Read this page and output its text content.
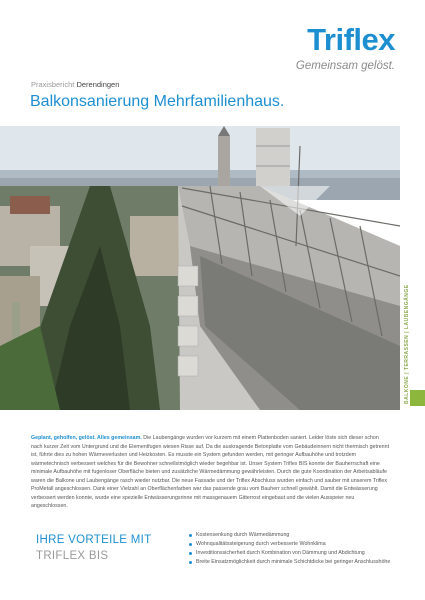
Triflex
Gemeinsam gelöst.
Praxisbericht Derendingen
Balkonsanierung Mehrfamilienhaus.
BALKONE | TERRASSEN | LAUBENGÄNGE
Geplant, geholfen, gelöst. Alles gemeinsam. Die Laubengänge wurden vor kurzem mit einem Plattenboden saniert. Leider löste sich dieser schon nach kurzer Zeit vom Untergrund und die Elementfugen wiesen Risse auf. Da die auskragende Betonplatte vom Gebäudeinnern nicht thermisch getrennt ist, führte dies zu hohen Wärmeverlusten und Heizkosten. Es musste ein System gefunden werden, mit geringer Aufbauhöhe und trotzdem wärmetechnisch verbessert welches für die Bewohner schnellstmöglich wieder begehbar ist. Unser System Triflex BIS konnte der Bauherrschaft eine minimale Aufbauhöhe mit fugenloser Oberfläche bieten und zusätzliche Wärmedämmung gewährleisten. Durch die gute Koordination der Arbeitsabläufe waren die Balkone und Laubengänge rasch wieder nutzbar. Die neue Fassade und der Triflex Abschluss wurden einfach und sauber mit unserem Triflex ProMetall angeschlossen. Dank einer Vielzahl an Oberflächenfarben war das passende grau vom Bauherr schnell gewählt. Damit die Entwässerung verbessert werden konnte, wurde eine spezielle Entwässerungsrinne mit massgenauem Gitterrost eingebaut und die vielen Ausspeier neu angeschlossen.
IHRE VORTEILE MIT
TRIFLEX BIS
Kostensenkung durch Wärmedämmung
Wohnqualitätssteigerung durch verbesserte Wohnklima
Investitionssicherheit durch Kombination von Dämmung und Abdichtung
Breite Einsatzmöglichkeit durch minimale Schichtdicke bei geringer Anschlusshöhe
